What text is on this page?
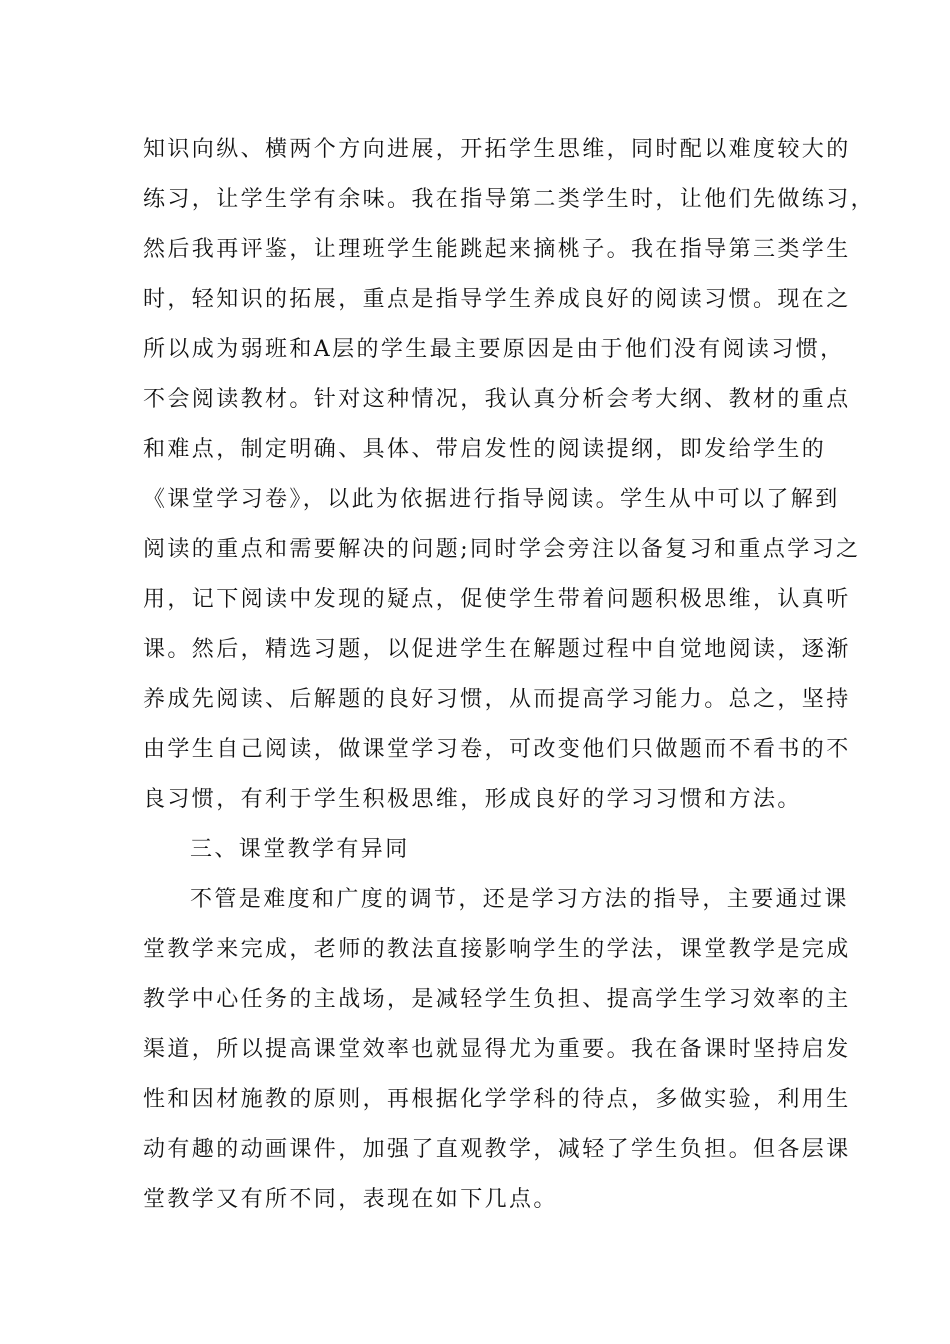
知识向纵、横两个方向进展，开拓学生思维，同时配以难度较大的

练习，让学生学有余味。我在指导第二类学生时，让他们先做练习，

然后我再评鉴，让理班学生能跳起来摘桃子。我在指导第三类学生

时，轻知识的拓展，重点是指导学生养成良好的阅读习惯。现在之

所以成为弱班和A层的学生最主要原因是由于他们没有阅读习惯，

不会阅读教材。针对这种情况，我认真分析会考大纲、教材的重点

和难点，制定明确、具体、带启发性的阅读提纲，即发给学生的

《课堂学习卷》，以此为依据进行指导阅读。学生从中可以了解到

阅读的重点和需要解决的问题;同时学会旁注以备复习和重点学习之

用，记下阅读中发现的疑点，促使学生带着问题积极思维，认真听

课。然后，精选习题，以促进学生在解题过程中自觉地阅读，逐渐

养成先阅读、后解题的良好习惯，从而提高学习能力。总之，坚持

由学生自己阅读，做课堂学习卷，可改变他们只做题而不看书的不

良习惯，有利于学生积极思维，形成良好的学习习惯和方法。

三、课堂教学有异同

不管是难度和广度的调节，还是学习方法的指导，主要通过课

堂教学来完成，老师的教法直接影响学生的学法，课堂教学是完成

教学中心任务的主战场，是减轻学生负担、提高学生学习效率的主

渠道，所以提高课堂效率也就显得尤为重要。我在备课时坚持启发

性和因材施教的原则，再根据化学学科的待点，多做实验，利用生

动有趣的动画课件，加强了直观教学，减轻了学生负担。但各层课

堂教学又有所不同，表现在如下几点。
